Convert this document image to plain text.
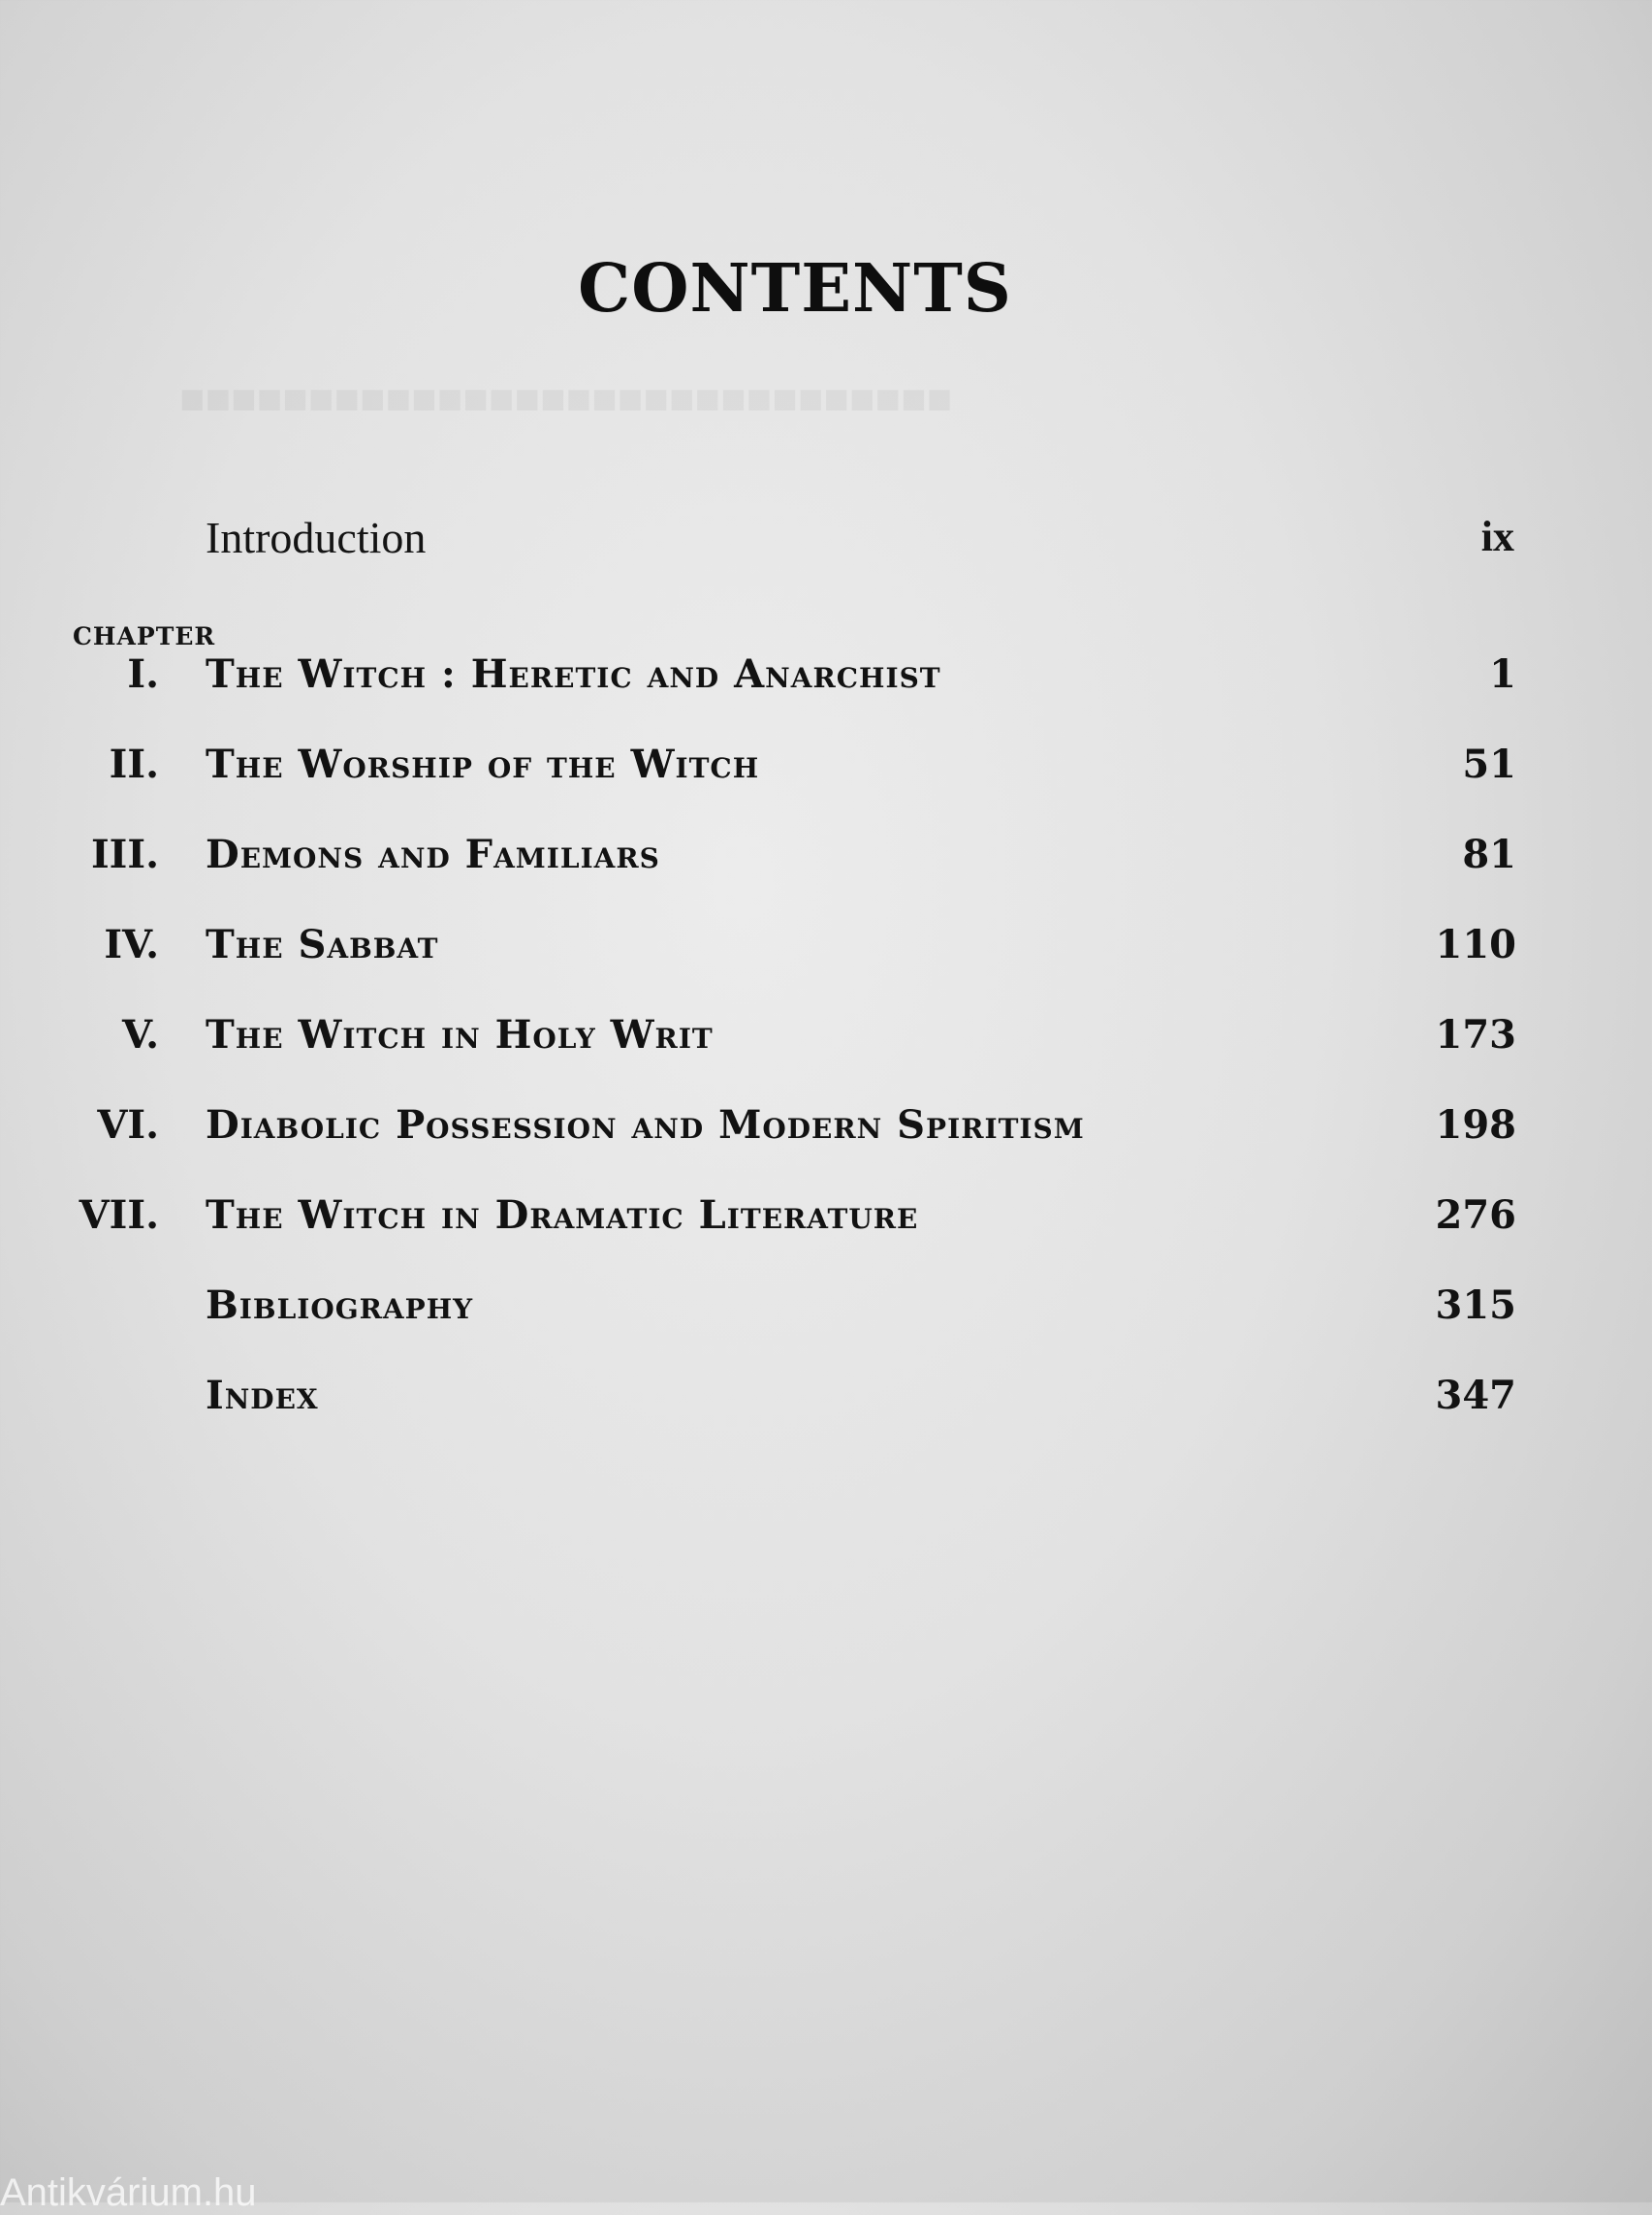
CONTENTS
Introduction	ix
CHAPTER
I. The Witch : Heretic and Anarchist	1
II. The Worship of the Witch	51
III. Demons and Familiars	81
IV. The Sabbat	110
V. The Witch in Holy Writ	173
VI. Diabolic Possession and Modern Spiritism	198
VII. The Witch in Dramatic Literature	276
Bibliography	315
Index	347
Antikvárium.hu
